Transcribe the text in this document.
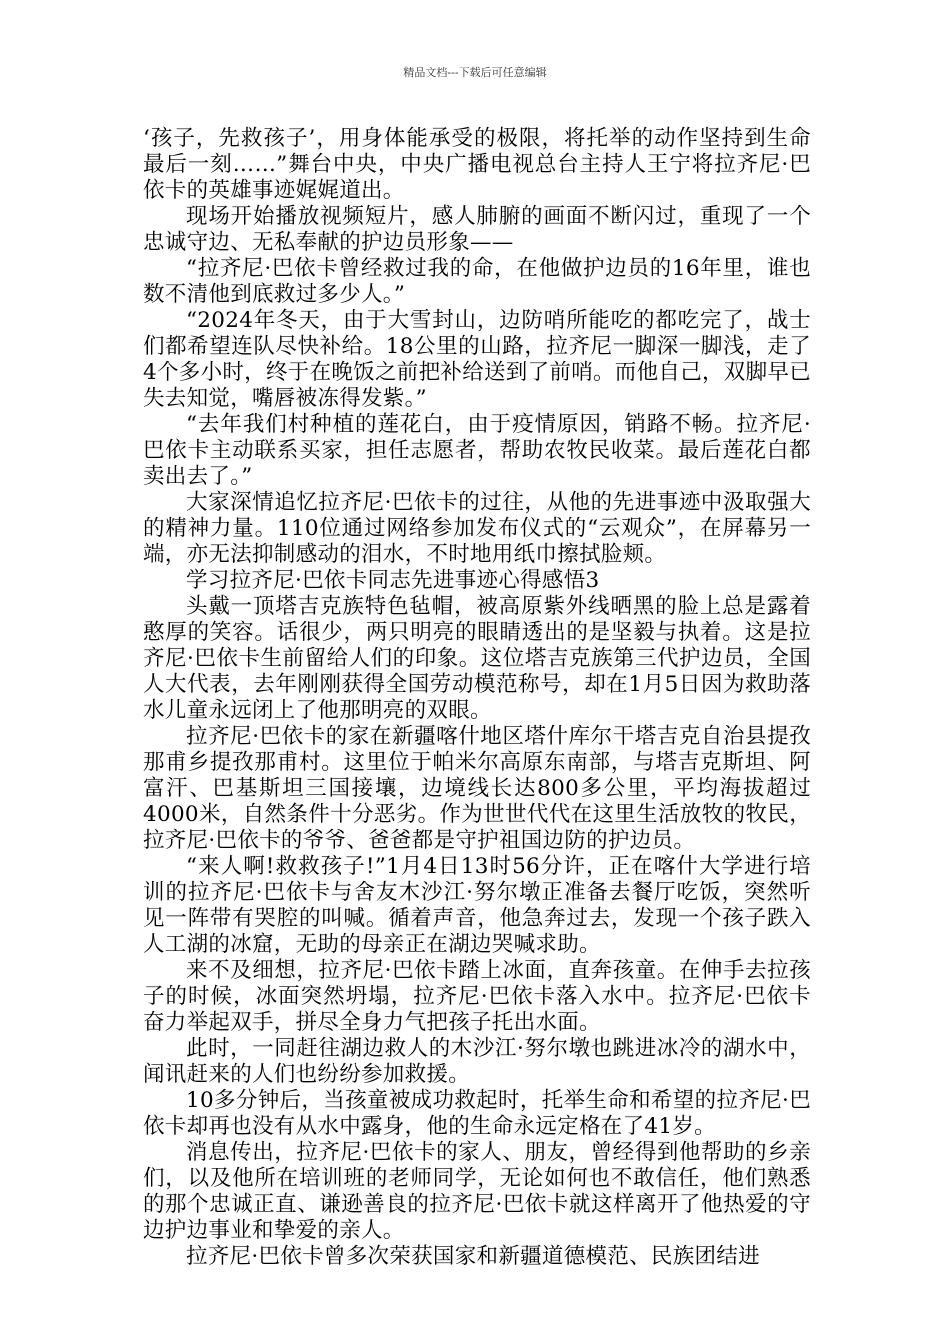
精品文档---下载后可任意编辑

‘孩子，先救孩子’，用身体能承受的极限，将托举的动作坚持到生命最后一刻……”舞台中央，中央广播电视总台主持人王宁将拉齐尼·巴依卡的英雄事迹娓娓道出。

现场开始播放视频短片，感人肺腑的画面不断闪过，重现了一个忠诚守边、无私奉献的护边员形象——

“拉齐尼·巴依卡曾经救过我的命，在他做护边员的16年里，谁也数不清他到底救过多少人。”

“2024年冬天，由于大雪封山，边防哨所能吃的都吃完了，战士们都希望连队尽快补给。18公里的山路，拉齐尼一脚深一脚浅，走了4个多小时，终于在晚饭之前把补给送到了前哨。而他自己，双脚早已失去知觉，嘴唇被冻得发紫。”

“去年我们村种植的莲花白，由于疫情原因，销路不畅。拉齐尼·巴依卡主动联系买家，担任志愿者，帮助农牧民收菜。最后莲花白都卖出去了。”

大家深情追忆拉齐尼·巴依卡的过往，从他的先进事迹中汲取强大的精神力量。110位通过网络参加发布仪式的“云观众”，在屏幕另一端，亦无法抑制感动的泪水，不时地用纸巾擦拭脸颊。

学习拉齐尼·巴依卡同志先进事迹心得感悟3

头戴一顶塔吉克族特色毡帽，被高原紫外线晒黑的脸上总是露着憨厚的笑容。话很少，两只明亮的眼睛透出的是坚毅与执着。这是拉齐尼·巴依卡生前留给人们的印象。这位塔吉克族第三代护边员，全国人大代表，去年刚刚获得全国劳动模范称号，却在1月5日因为救助落水儿童永远闭上了他那明亮的双眼。

拉齐尼·巴依卡的家在新疆喀什地区塔什库尔干塔吉克自治县提孜那甫乡提孜那甫村。这里位于帕米尔高原东南部，与塔吉克斯坦、阿富汗、巴基斯坦三国接壤，边境线长达800多公里，平均海拔超过4000米，自然条件十分恶劣。作为世世代代在这里生活放牧的牧民，拉齐尼·巴依卡的爷爷、爸爸都是守护祖国边防的护边员。

“来人啊!救救孩子!”1月4日13时56分许，正在喀什大学进行培训的拉齐尼·巴依卡与舍友木沙江·努尔墩正准备去餐厅吃饭，突然听见一阵带有哭腔的叫喊。循着声音，他急奔过去，发现一个孩子跌入人工湖的冰窟，无助的母亲正在湖边哭喊求助。

来不及细想，拉齐尼·巴依卡踏上冰面，直奔孩童。在伸手去拉孩子的时候，冰面突然坍塌，拉齐尼·巴依卡落入水中。拉齐尼·巴依卡奋力举起双手，拼尽全身力气把孩子托出水面。

此时，一同赶往湖边救人的木沙江·努尔墩也跳进冰冷的湖水中，闻讯赶来的人们也纷纷参加救援。

10多分钟后，当孩童被成功救起时，托举生命和希望的拉齐尼·巴依卡却再也没有从水中露身，他的生命永远定格在了41岁。

消息传出，拉齐尼·巴依卡的家人、朋友，曾经得到他帮助的乡亲们，以及他所在培训班的老师同学，无论如何也不敢信任，他们熟悉的那个忠诚正直、谦逊善良的拉齐尼·巴依卡就这样离开了他热爱的守边护边事业和挚爱的亲人。

拉齐尼·巴依卡曾多次荣获国家和新疆道德模范、民族团结进
